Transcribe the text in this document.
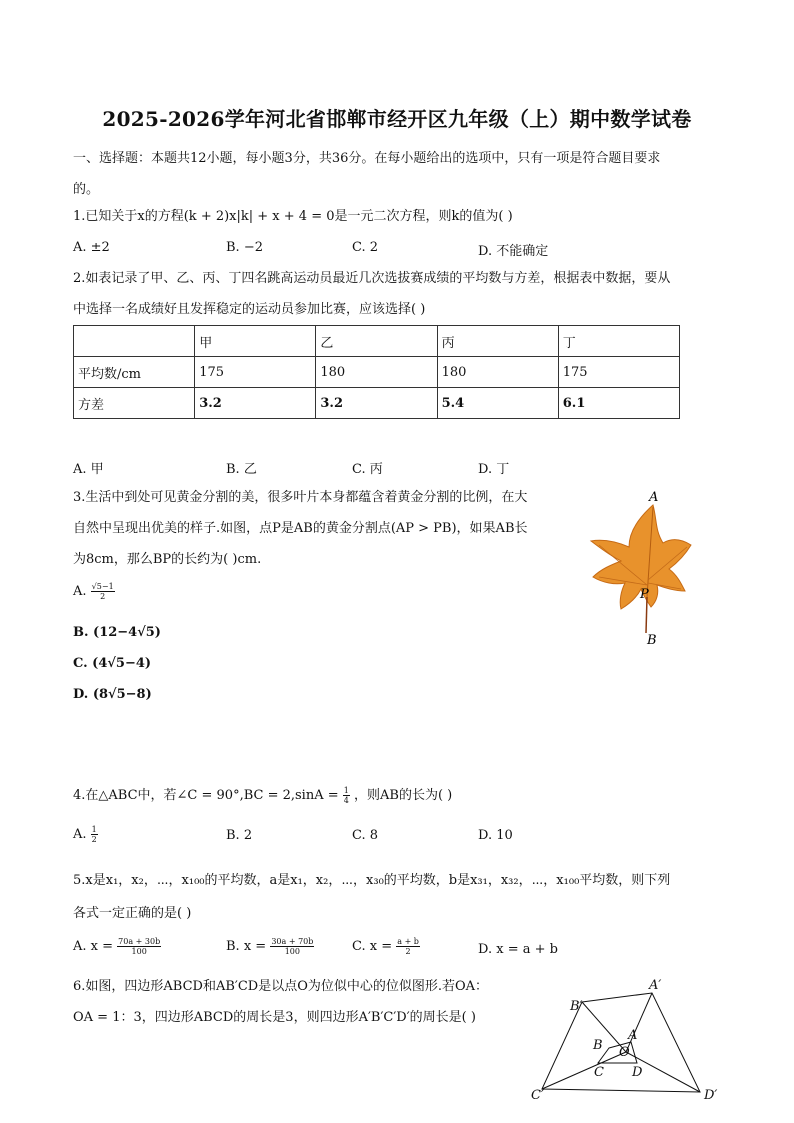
2025-2026学年河北省邯郸市经开区九年级（上）期中数学试卷
一、选择题：本题共12小题，每小题3分，共36分。在每小题给出的选项中，只有一项是符合题目要求
的。
1.已知关于x的方程(k + 2)x|k| + x + 4 = 0是一元二次方程，则k的值为( )
A. ±2	B. −2	C. 2	D. 不能确定
2.如表记录了甲、乙、丙、丁四名跳高运动员最近几次选拔赛成绩的平均数与方差，根据表中数据，要从
中选择一名成绩好且发挥稳定的运动员参加比赛，应该选择( )
	甲	乙	丙	丁
平均数/cm	175	180	180	175
方差	3.2	3.2	5.4	6.1
A. 甲	B. 乙	C. 丙	D. 丁
3.生活中到处可见黄金分割的美，很多叶片本身都蕴含着黄金分割的比例，在大
自然中呈现出优美的样子.如图，点P是AB的黄金分割点(AP > PB)，如果AB长
为8cm，那么BP的长约为( )cm.
A. $\frac{√5-1}{2}$
B. (12−4√5)
C. (4√5−4)
D. (8√5−8)
A
P
B
4.在△ABC中，若∠C = $90^\circ,BC = 2,\sin A = \frac{1}{4}$ ，则AB的长为( )
A. $\frac{1}{2}$	B. 2	C. 8	D. 10
5.x是x₁，x₂，⋯，x₁₀₀的平均数，a是x₁，x₂，⋯，x₃₀的平均数，b是x₃₁，x₃₂，⋯，x₁₀₀平均数，则下列
各式一定正确的是( )
A. $x = \frac{70a + 30b}{100}$	B. $x = \frac{30a + 70b}{100}$	C. $x = \frac{a + b}{2}$	D. x = a + b
6.如图，四边形ABCD和AB′CD是以点O为位似中心的位似图形.若OA：
OA = 1：3，四边形ABCD的周长是3，则四边形A′B′C′D′的周长是( )
A′
B′
C′	D′
A
B
C D
O
